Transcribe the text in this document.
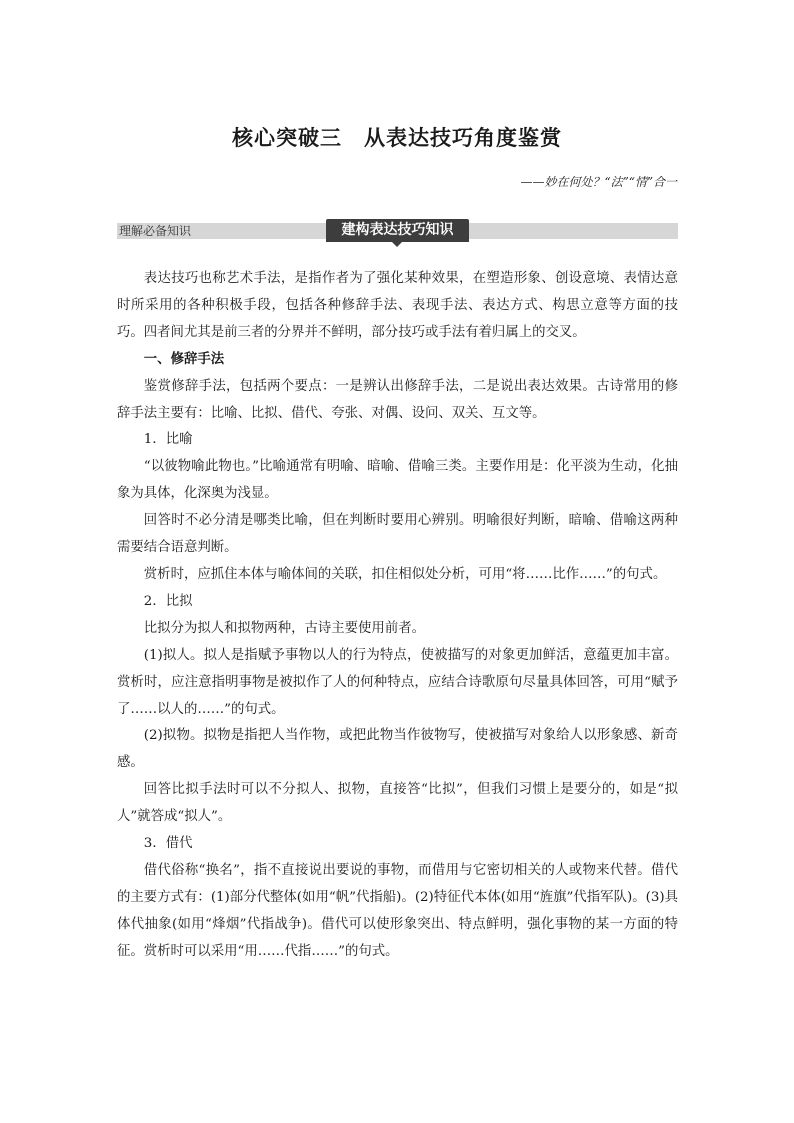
核心突破三　从表达技巧角度鉴赏
——妙在何处？“法”“情”合一
理解必备知识	建构表达技巧知识

表达技巧也称艺术手法，是指作者为了强化某种效果，在塑造形象、创设意境、表情达意时所采用的各种积极手段，包括各种修辞手法、表现手法、表达方式、构思立意等方面的技巧。四者间尤其是前三者的分界并不鲜明，部分技巧或手法有着归属上的交叉。

一、修辞手法

鉴赏修辞手法，包括两个要点：一是辨认出修辞手法，二是说出表达效果。古诗常用的修辞手法主要有：比喻、比拟、借代、夸张、对偶、设问、双关、互文等。

1．比喻

“以彼物喻此物也。”比喻通常有明喻、暗喻、借喻三类。主要作用是：化平淡为生动，化抽象为具体，化深奥为浅显。

回答时不必分清是哪类比喻，但在判断时要用心辨别。明喻很好判断，暗喻、借喻这两种需要结合语意判断。

赏析时，应抓住本体与喻体间的关联，扣住相似处分析，可用“将……比作……”的句式。

2．比拟

比拟分为拟人和拟物两种，古诗主要使用前者。

(1)拟人。拟人是指赋予事物以人的行为特点，使被描写的对象更加鲜活，意蕴更加丰富。赏析时，应注意指明事物是被拟作了人的何种特点，应结合诗歌原句尽量具体回答，可用“赋予了……以人的……”的句式。

(2)拟物。拟物是指把人当作物，或把此物当作彼物写，使被描写对象给人以形象感、新奇感。

回答比拟手法时可以不分拟人、拟物，直接答“比拟”，但我们习惯上是要分的，如是“拟人”就答成“拟人”。

3．借代

借代俗称“换名”，指不直接说出要说的事物，而借用与它密切相关的人或物来代替。借代的主要方式有：(1)部分代整体(如用“帆”代指船)。(2)特征代本体(如用“旌旗”代指军队)。(3)具体代抽象(如用“烽烟”代指战争)。借代可以使形象突出、特点鲜明，强化事物的某一方面的特征。赏析时可以采用“用……代指……”的句式。
